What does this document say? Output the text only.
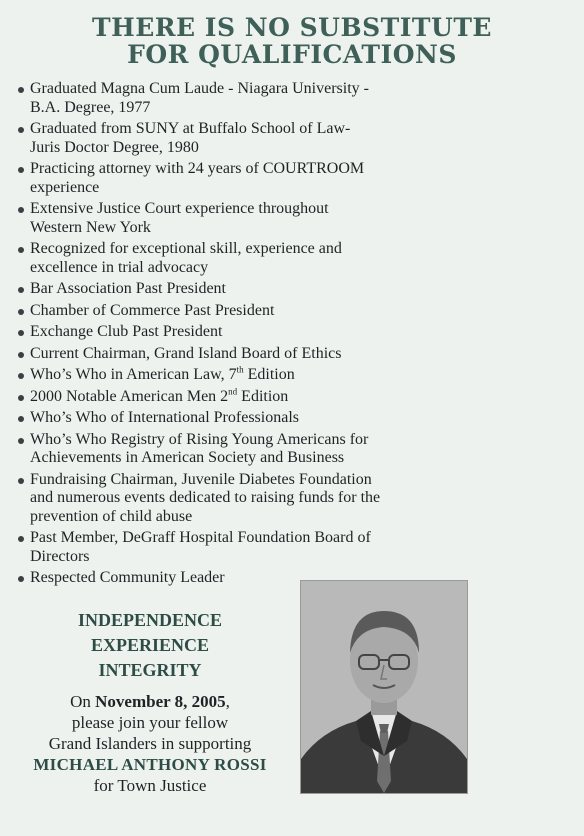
THERE IS NO SUBSTITUTE
FOR QUALIFICATIONS
Graduated Magna Cum Laude - Niagara University -
B.A. Degree, 1977
Graduated from SUNY at Buffalo School of Law-
Juris Doctor Degree, 1980
Practicing attorney with 24 years of COURTROOM
experience
Extensive Justice Court experience throughout
Western New York
Recognized for exceptional skill, experience and
excellence in trial advocacy
Bar Association Past President
Chamber of Commerce Past President
Exchange Club Past President
Current Chairman, Grand Island Board of Ethics
Who’s Who in American Law, 7th Edition
2000 Notable American Men 2nd Edition
Who’s Who of International Professionals
Who’s Who Registry of Rising Young Americans for
Achievements in American Society and Business
Fundraising Chairman, Juvenile Diabetes Foundation
and numerous events dedicated to raising funds for the
prevention of child abuse
Past Member, DeGraff Hospital Foundation Board of
Directors
Respected Community Leader
INDEPENDENCE
EXPERIENCE
INTEGRITY
On November 8, 2005,
please join your fellow
Grand Islanders in supporting
MICHAEL ANTHONY ROSSI
for Town Justice
